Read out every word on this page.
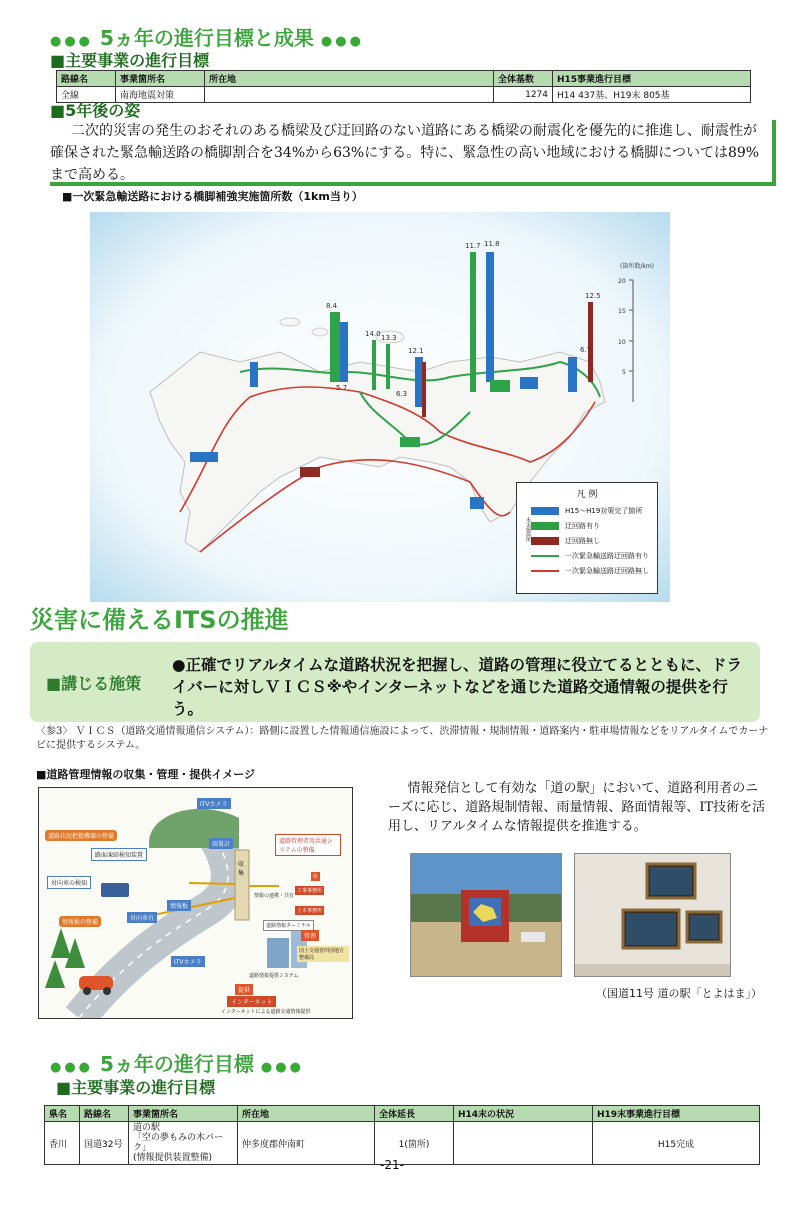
●●● 5ヵ年の進行目標と成果 ●●●
■主要事業の進行目標
路線名	事業箇所名	所在地	全体基数	H15事業進行目標
全線	南海地震対策		1274	H14 437基、H19末 805基
■5年後の姿
二次的災害の発生のおそれのある橋梁及び迂回路のない道路にある橋梁の耐震化を優先的に推進し、耐震性が確保された緊急輸送路の橋脚割合を34%から63%にする。特に、緊急性の高い地域における橋脚については89%まで高める。
■一次緊急輸送路における橋脚補強実施箇所数（1km当り）
8.4
14.0 13.3
11.7 11.8
12.1
12.5
6.7
5.7
6.3
(箇所数/km)
20
15
10
5
凡 例
未実施箇所
H15～H19対策完了箇所
迂回路有り
迂回路無し
一次緊急輸送路迂回路有り
一次緊急輸送路迂回路無し
災害に備えるITSの推進
■講じる施策
●正確でリアルタイムな道路状況を把握し、道路の管理に役立てるとともに、ドライバーに対しＶＩＣＳ※やインターネットなどを通じた道路交通情報の提供を行う。
〈参3〉 ＶＩＣＳ（道路交通情報通信システム）：路側に設置した情報通信施設によって、渋滞情報・規制情報・道路案内・駐車場情報などをリアルタイムでカーナビに提供するシステム。
■道路管理情報の収集・管理・提供イメージ
ITVカメラ
雨量計
道路状況把握機器の整備
路面凍結検知装置
対向車の検知
情報板の整備
対向車有
情報板
ITVカメラ
収集
道路管理者用共通システムの整備
県
工事事務所
土木事務所
情報の連携・共有
道路情報ターミナル
管理
国土交通省四国地方整備局
道路情報提供システム
提供
インターネット
インターネットによる道路交通情報提供
情報発信として有効な「道の駅」において、道路利用者のニーズに応じ、道路規制情報、雨量情報、路面情報等、IT技術を活用し、リアルタイムな情報提供を推進する。
（国道11号 道の駅「とよはま」）
●●● 5ヵ年の進行目標 ●●●
■主要事業の進行目標
県名	路線名	事業箇所名	所在地	全体延長	H14末の状況	H19末事業進行目標
香川	国道32号	道の駅
「空の夢もみの木パーク」
(情報提供装置整備)	仲多度郡仲南町	1(箇所)		H15完成
-21-
